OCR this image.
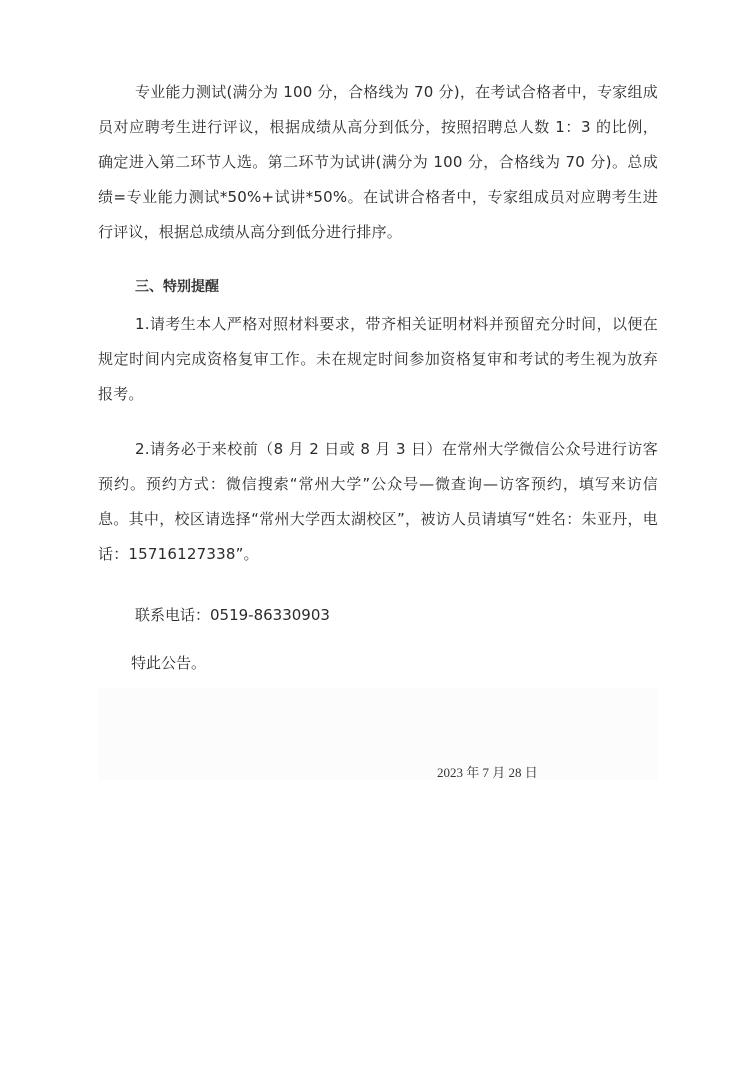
专业能力测试(满分为 100 分，合格线为 70 分)，在考试合格者中，专家组成员对应聘考生进行评议，根据成绩从高分到低分，按照招聘总人数 1：3 的比例，确定进入第二环节人选。第二环节为试讲(满分为 100 分，合格线为 70 分)。总成绩=专业能力测试*50%+试讲*50%。在试讲合格者中，专家组成员对应聘考生进行评议，根据总成绩从高分到低分进行排序。

三、特别提醒

1.请考生本人严格对照材料要求，带齐相关证明材料并预留充分时间，以便在规定时间内完成资格复审工作。未在规定时间参加资格复审和考试的考生视为放弃报考。

2.请务必于来校前（8 月 2 日或 8 月 3 日）在常州大学微信公众号进行访客预约。预约方式：微信搜索“常州大学”公众号—微查询—访客预约，填写来访信息。其中，校区请选择“常州大学西太湖校区”，被访人员请填写“姓名：朱亚丹，电话：15716127338”。

联系电话：0519-86330903
特此公告。
2023 年 7 月 28 日
